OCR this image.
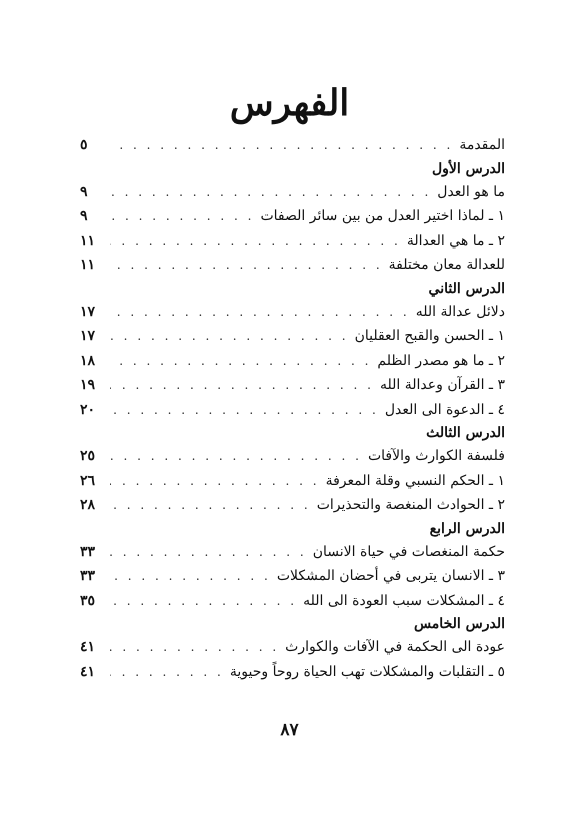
الفهرس
المقدمة
. . .
٥
الدرس الأول
ما هو العدل
. . .
٩
١ ـ لماذا اختير العدل من بين سائر الصفات
. . .
٩
٢ ـ ما هي العدالة
. . .
١١
للعدالة معان مختلفة
. . .
١١
الدرس الثاني
دلائل عدالة الله
. . .
١٧
١ ـ الحسن والقبح العقليان
. . .
١٧
٢ ـ ما هو مصدر الظلم
. . .
١٨
٣ ـ القرآن وعدالة الله
. . .
١٩
٤ ـ الدعوة الى العدل
. . .
٢٠
الدرس الثالث
فلسفة الكوارث والآفات
. . .
٢٥
١ ـ الحكم النسبي وقلة المعرفة
. . .
٢٦
٢ ـ الحوادث المنغصة والتحذيرات
. . .
٢٨
الدرس الرابع
حكمة المنغصات في حياة الانسان
. . .
٣٣
٣ ـ الانسان يتربى في أحضان المشكلات
. . .
٣٣
٤ ـ المشكلات سبب العودة الى الله
. . .
٣٥
الدرس الخامس
عودة الى الحكمة في الآفات والكوارث
. . .
٤١
٥ ـ التقلبات والمشكلات تهب الحياة روحاً وحيوية
. . .
٤١
٨٧
